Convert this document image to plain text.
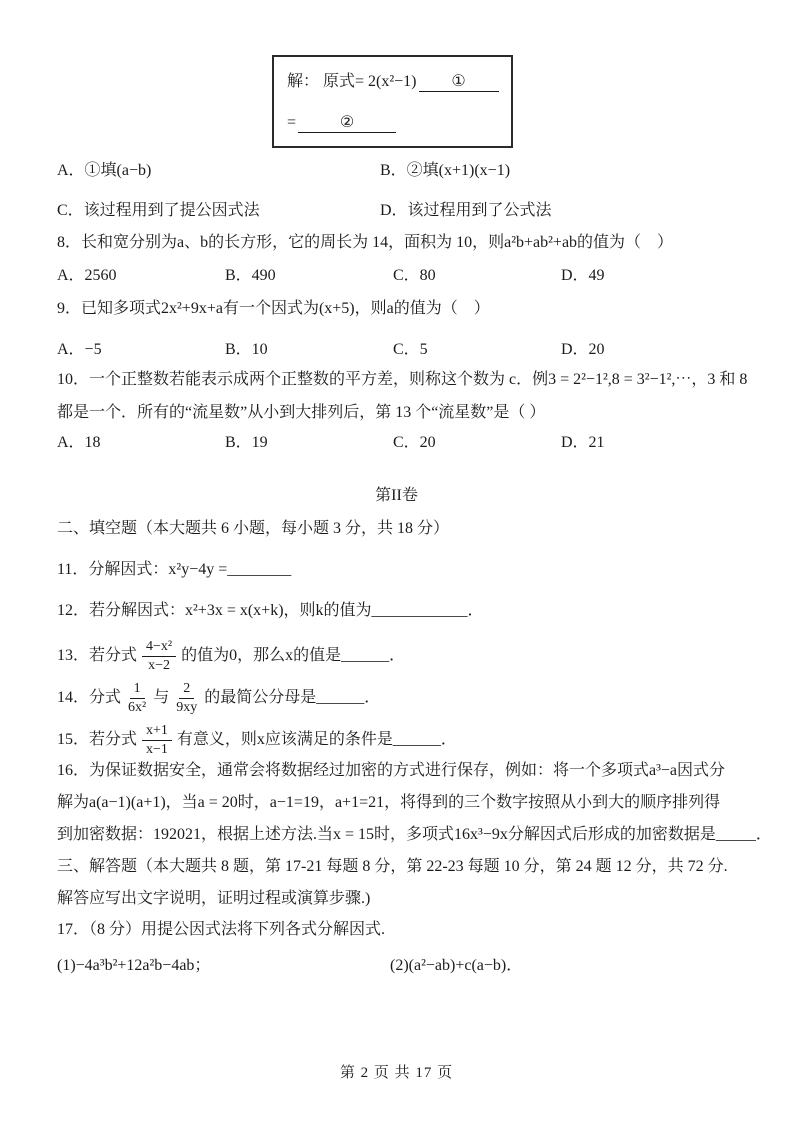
解： 原式= 2(x²−1) ①
=	②
A．①填(a−b)	B．②填(x+1)(x−1)
C．该过程用到了提公因式法	D．该过程用到了公式法
8．长和宽分别为a、b的长方形，它的周长为 14，面积为 10，则a²b+ab²+ab的值为（　）
A．2560	B．490	C．80	D．49
9．已知多项式2x²+9x+a有一个因式为(x+5)，则a的值为（　）
A．−5	B．10	C．5	D．20
10．一个正整数若能表示成两个正整数的平方差，则称这个数为 c．例3 = 2²−1²,8 = 3²−1²,⋯，3 和 8
都是一个．所有的“流星数”从小到大排列后，第 13 个“流星数”是（ ）
A．18	B．19	C．20	D．21
第II卷
二、填空题（本大题共 6 小题，每小题 3 分，共 18 分）
11．分解因式：x²y−4y =________
12．若分解因式：x²+3x = x(x+k)，则k的值为____________．
13．若分式 $\frac{\text{4−x²}}{x-2}$ 的值为0，那么x的值是______．
14．分式 $\frac{1}{\text{6x²}}$ 与 $\frac{2}{9xy}$ 的最简公分母是______．
15．若分式 $\frac{x+1}{x-1}$ 有意义，则x应该满足的条件是______．
16．为保证数据安全，通常会将数据经过加密的方式进行保存，例如：将一个多项式a³−a因式分
解为a(a−1)(a+1)，当a = 20时，a−1=19，a+1=21，将得到的三个数字按照从小到大的顺序排列得
到加密数据：192021，根据上述方法.当x = 15时，多项式16x³−9x分解因式后形成的加密数据是_____．
三、解答题（本大题共 8 题，第 17-21 每题 8 分，第 22-23 每题 10 分，第 24 题 12 分，共 72 分.
解答应写出文字说明，证明过程或演算步骤.)
17．（8 分）用提公因式法将下列各式分解因式.
(1)−4a³b²+12a²b−4ab；	(2)(a²−ab)+c(a−b)．
第 2 页 共 17 页
